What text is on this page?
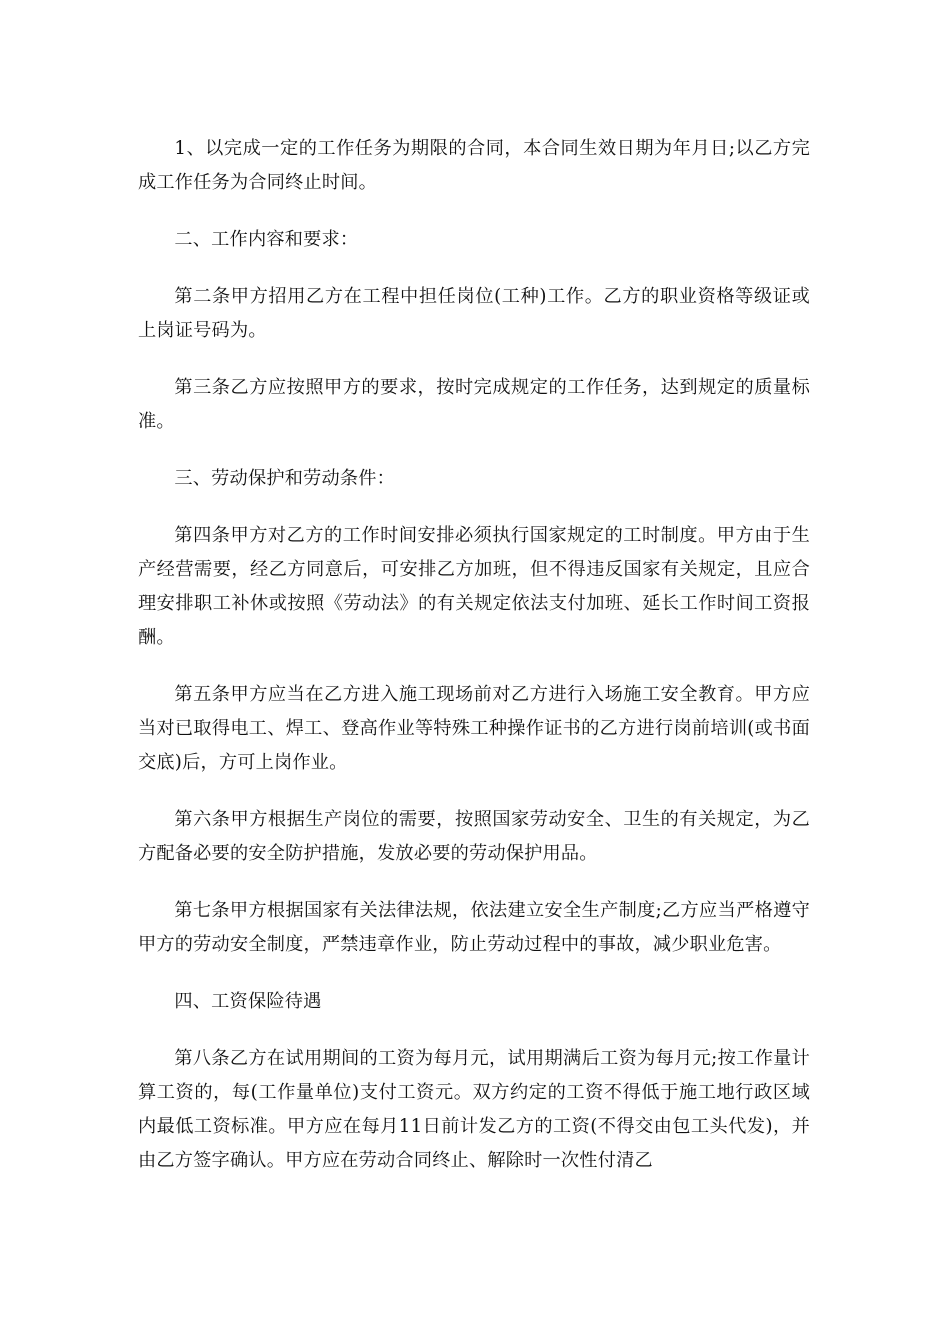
1、以完成一定的工作任务为期限的合同，本合同生效日期为年月日;以乙方完成工作任务为合同终止时间。

二、工作内容和要求：

第二条甲方招用乙方在工程中担任岗位(工种)工作。乙方的职业资格等级证或上岗证号码为。

第三条乙方应按照甲方的要求，按时完成规定的工作任务，达到规定的质量标准。

三、劳动保护和劳动条件：

第四条甲方对乙方的工作时间安排必须执行国家规定的工时制度。甲方由于生产经营需要，经乙方同意后，可安排乙方加班，但不得违反国家有关规定，且应合理安排职工补休或按照《劳动法》的有关规定依法支付加班、延长工作时间工资报酬。

第五条甲方应当在乙方进入施工现场前对乙方进行入场施工安全教育。甲方应当对已取得电工、焊工、登高作业等特殊工种操作证书的乙方进行岗前培训(或书面交底)后，方可上岗作业。

第六条甲方根据生产岗位的需要，按照国家劳动安全、卫生的有关规定，为乙方配备必要的安全防护措施，发放必要的劳动保护用品。

第七条甲方根据国家有关法律法规，依法建立安全生产制度;乙方应当严格遵守甲方的劳动安全制度，严禁违章作业，防止劳动过程中的事故，减少职业危害。

四、工资保险待遇

第八条乙方在试用期间的工资为每月元，试用期满后工资为每月元;按工作量计算工资的，每(工作量单位)支付工资元。双方约定的工资不得低于施工地行政区域内最低工资标准。甲方应在每月11日前计发乙方的工资(不得交由包工头代发)，并由乙方签字确认。甲方应在劳动合同终止、解除时一次性付清乙
